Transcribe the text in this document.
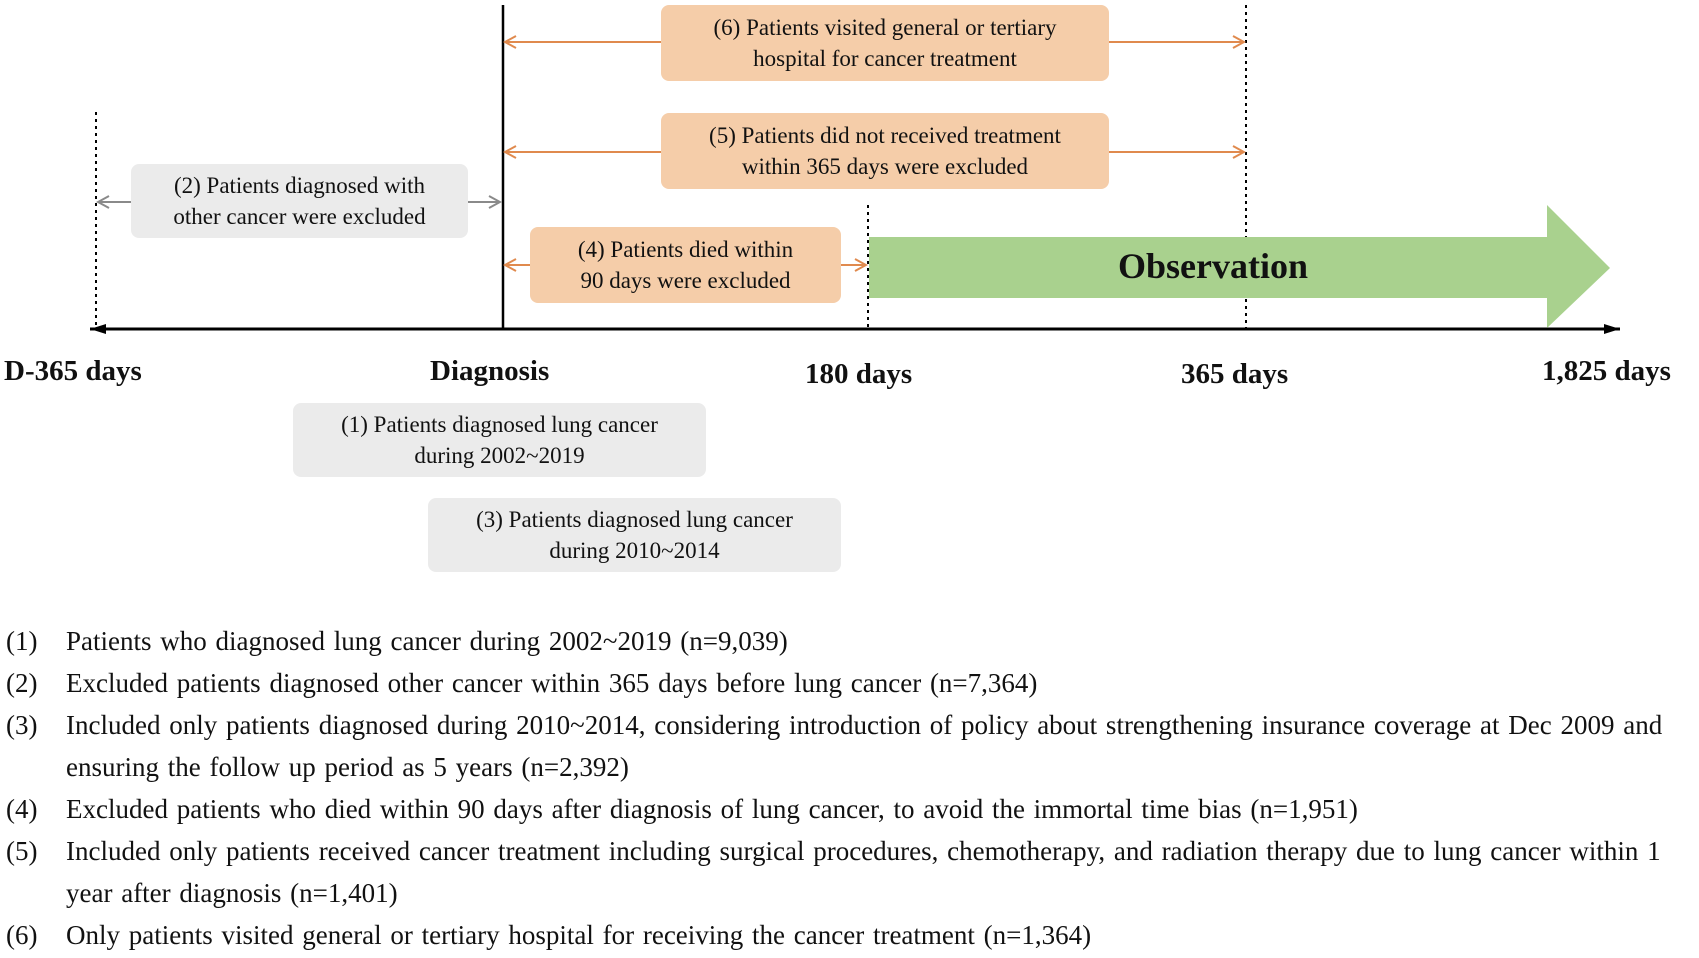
(6) Patients visited general or tertiary
hospital for cancer treatment
(5) Patients did not received treatment
within 365 days were excluded
(2) Patients diagnosed with
other cancer were excluded
(4) Patients died within
90 days were excluded
(1) Patients diagnosed lung cancer
during 2002~2019
(3) Patients diagnosed lung cancer
during 2010~2014
Observation
D-365 days	Diagnosis	180 days	365 days	1,825 days
(1)	Patients who diagnosed lung cancer during 2002~2019 (n=9,039)
(2)	Excluded patients diagnosed other cancer within 365 days before lung cancer (n=7,364)
(3)	Included only patients diagnosed during 2010~2014, considering introduction of policy about strengthening insurance coverage at Dec 2009 and ensuring the follow up period as 5 years (n=2,392)
(4)	Excluded patients who died within 90 days after diagnosis of lung cancer, to avoid the immortal time bias (n=1,951)
(5)	Included only patients received cancer treatment including surgical procedures, chemotherapy, and radiation therapy due to lung cancer within 1 year after diagnosis (n=1,401)
(6)	Only patients visited general or tertiary hospital for receiving the cancer treatment (n=1,364)
